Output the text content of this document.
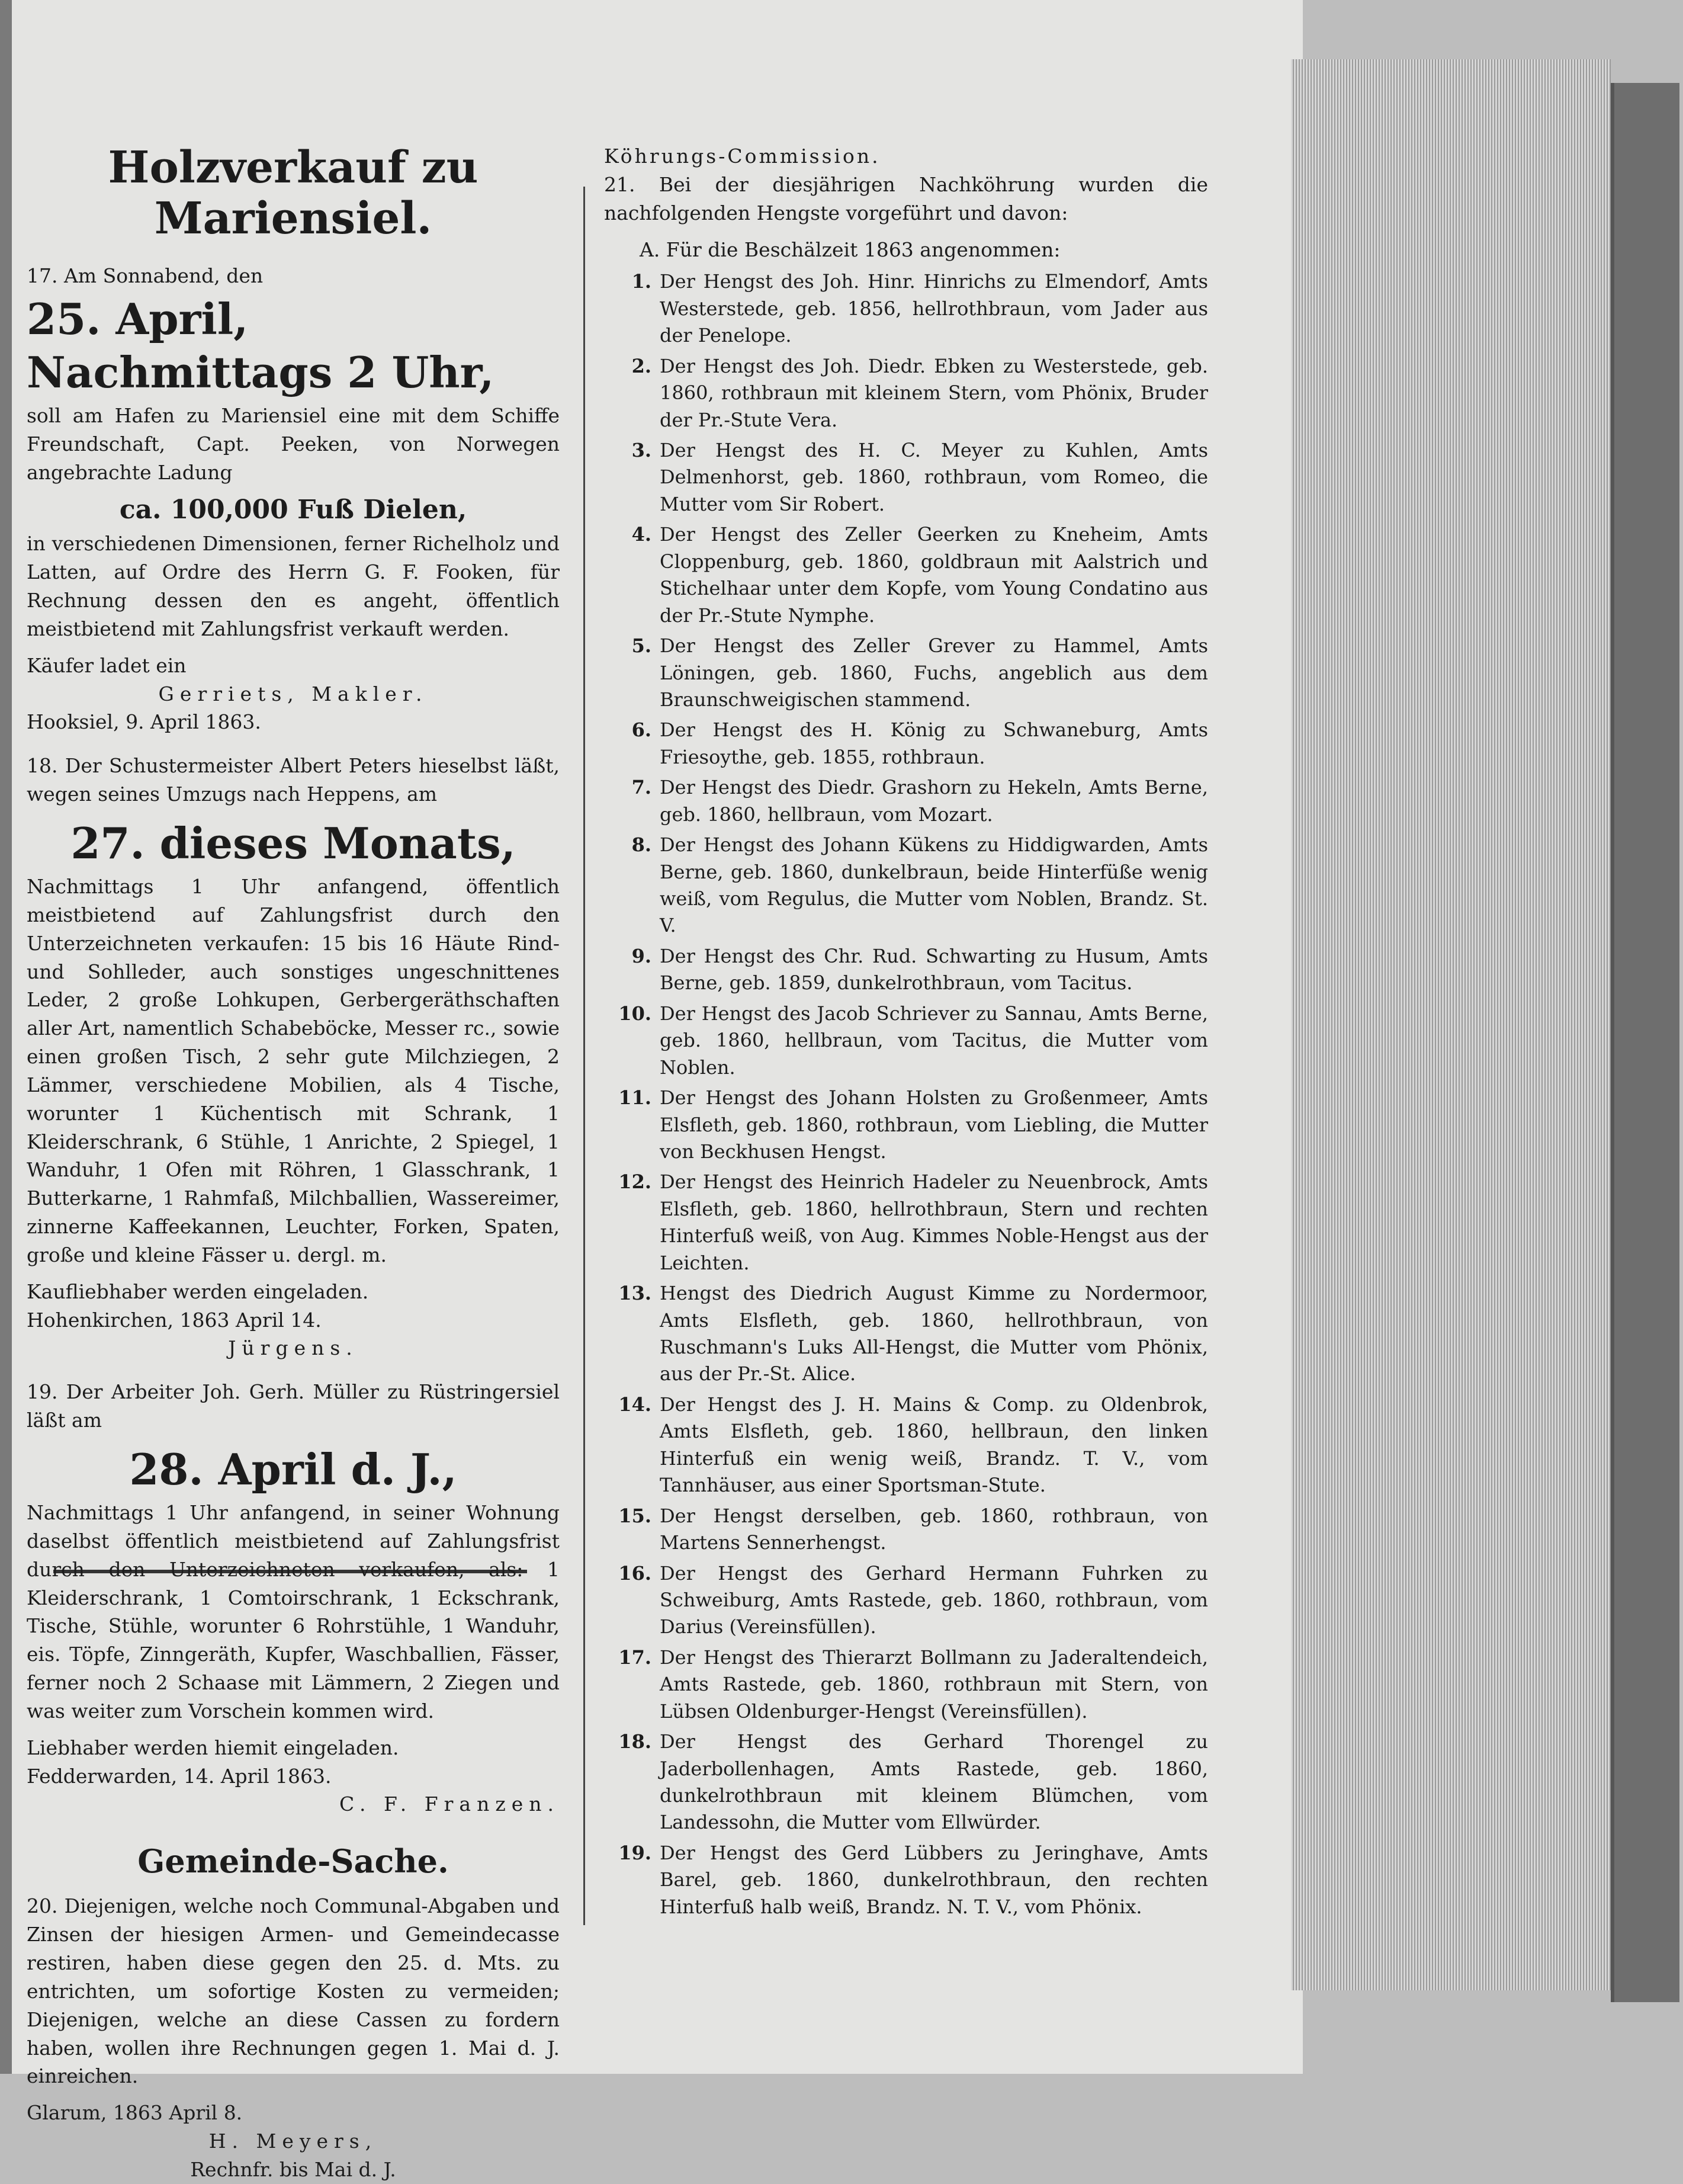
Holzverkauf zu Mariensiel.

17. Am Sonnabend, den

25. April, Nachmittags 2 Uhr,

soll am Hafen zu Mariensiel eine mit dem Schiffe Freundschaft, Capt. Peeken, von Norwegen angebrachte Ladung

ca. 100,000 Fuß Dielen,

in verschiedenen Dimensionen, ferner Richelholz und Latten, auf Ordre des Herrn G. F. Fooken, für Rechnung dessen den es angeht, öffentlich meistbietend mit Zahlungsfrist verkauft werden.

Käufer ladet ein

Gerriets, Makler.

Hooksiel, 9. April 1863.

18. Der Schustermeister Albert Peters hieselbst läßt, wegen seines Umzugs nach Heppens, am

27. dieses Monats,

Nachmittags 1 Uhr anfangend, öffentlich meistbietend auf Zahlungsfrist durch den Unterzeichneten verkaufen: 15 bis 16 Häute Rind- und Sohlleder, auch sonstiges ungeschnittenes Leder, 2 große Lohkupen, Gerbergeräthschaften aller Art, namentlich Schabeböcke, Messer rc., sowie einen großen Tisch, 2 sehr gute Milchziegen, 2 Lämmer, verschiedene Mobilien, als 4 Tische, worunter 1 Küchentisch mit Schrank, 1 Kleiderschrank, 6 Stühle, 1 Anrichte, 2 Spiegel, 1 Wanduhr, 1 Ofen mit Röhren, 1 Glasschrank, 1 Butterkarne, 1 Rahmfaß, Milchballien, Wassereimer, zinnerne Kaffeekannen, Leuchter, Forken, Spaten, große und kleine Fässer u. dergl. m.

Kaufliebhaber werden eingeladen.

Hohenkirchen, 1863 April 14.

Jürgens.

19. Der Arbeiter Joh. Gerh. Müller zu Rüstringersiel läßt am

28. April d. J.,

Nachmittags 1 Uhr anfangend, in seiner Wohnung daselbst öffentlich meistbietend auf Zahlungsfrist durch den Unterzeichneten verkaufen, als: 1 Kleiderschrank, 1 Comtoirschrank, 1 Eckschrank, Tische, Stühle, worunter 6 Rohrstühle, 1 Wanduhr, eis. Töpfe, Zinngeräth, Kupfer, Waschballien, Fässer, ferner noch 2 Schaase mit Lämmern, 2 Ziegen und was weiter zum Vorschein kommen wird.

Liebhaber werden hiemit eingeladen.

Fedderwarden, 14. April 1863.

C. F. Franzen.

Gemeinde-Sache.

20. Diejenigen, welche noch Communal-Abgaben und Zinsen der hiesigen Armen- und Gemeindecasse restiren, haben diese gegen den 25. d. Mts. zu entrichten, um sofortige Kosten zu vermeiden; Diejenigen, welche an diese Cassen zu fordern haben, wollen ihre Rechnungen gegen 1. Mai d. J. einreichen.

Glarum, 1863 April 8.

H. Meyers,

Rechnfr. bis Mai d. J.

Köhrungs-Commission.

21. Bei der diesjährigen Nachköhrung wurden die nachfolgenden Hengste vorgeführt und davon:

A. Für die Beschälzeit 1863 angenommen:

1. Der Hengst des Joh. Hinr. Hinrichs zu Elmendorf, Amts Westerstede, geb. 1856, hellrothbraun, vom Jader aus der Penelope.
2. Der Hengst des Joh. Diedr. Ebken zu Westerstede, geb. 1860, rothbraun mit kleinem Stern, vom Phönix, Bruder der Pr.-Stute Vera.
3. Der Hengst des H. C. Meyer zu Kuhlen, Amts Delmenhorst, geb. 1860, rothbraun, vom Romeo, die Mutter vom Sir Robert.
4. Der Hengst des Zeller Geerken zu Kneheim, Amts Cloppenburg, geb. 1860, goldbraun mit Aalstrich und Stichelhaar unter dem Kopfe, vom Young Condatino aus der Pr.-Stute Nymphe.
5. Der Hengst des Zeller Grever zu Hammel, Amts Löningen, geb. 1860, Fuchs, angeblich aus dem Braunschweigischen stammend.
6. Der Hengst des H. König zu Schwaneburg, Amts Friesoythe, geb. 1855, rothbraun.
7. Der Hengst des Diedr. Grashorn zu Hekeln, Amts Berne, geb. 1860, hellbraun, vom Mozart.
8. Der Hengst des Johann Kükens zu Hiddigwarden, Amts Berne, geb. 1860, dunkelbraun, beide Hinterfüße wenig weiß, vom Regulus, die Mutter vom Noblen, Brandz. St. V.
9. Der Hengst des Chr. Rud. Schwarting zu Husum, Amts Berne, geb. 1859, dunkelrothbraun, vom Tacitus.
10. Der Hengst des Jacob Schriever zu Sannau, Amts Berne, geb. 1860, hellbraun, vom Tacitus, die Mutter vom Noblen.
11. Der Hengst des Johann Holsten zu Großenmeer, Amts Elsfleth, geb. 1860, rothbraun, vom Liebling, die Mutter von Beckhusen Hengst.
12. Der Hengst des Heinrich Hadeler zu Neuenbrock, Amts Elsfleth, geb. 1860, hellrothbraun, Stern und rechten Hinterfuß weiß, von Aug. Kimmes Noble-Hengst aus der Leichten.
13. Hengst des Diedrich August Kimme zu Nordermoor, Amts Elsfleth, geb. 1860, hellrothbraun, von Ruschmann's Luks All-Hengst, die Mutter vom Phönix, aus der Pr.-St. Alice.
14. Der Hengst des J. H. Mains & Comp. zu Oldenbrok, Amts Elsfleth, geb. 1860, hellbraun, den linken Hinterfuß ein wenig weiß, Brandz. T. V., vom Tannhäuser, aus einer Sportsman-Stute.
15. Der Hengst derselben, geb. 1860, rothbraun, von Martens Sennerhengst.
16. Der Hengst des Gerhard Hermann Fuhrken zu Schweiburg, Amts Rastede, geb. 1860, rothbraun, vom Darius (Vereinsfüllen).
17. Der Hengst des Thierarzt Bollmann zu Jaderaltendeich, Amts Rastede, geb. 1860, rothbraun mit Stern, von Lübsen Oldenburger-Hengst (Vereinsfüllen).
18. Der Hengst des Gerhard Thorengel zu Jaderbollenhagen, Amts Rastede, geb. 1860, dunkelrothbraun mit kleinem Blümchen, vom Landessohn, die Mutter vom Ellwürder.
19. Der Hengst des Gerd Lübbers zu Jeringhave, Amts Barel, geb. 1860, dunkelrothbraun, den rechten Hinterfuß halb weiß, Brandz. N. T. V., vom Phönix.
